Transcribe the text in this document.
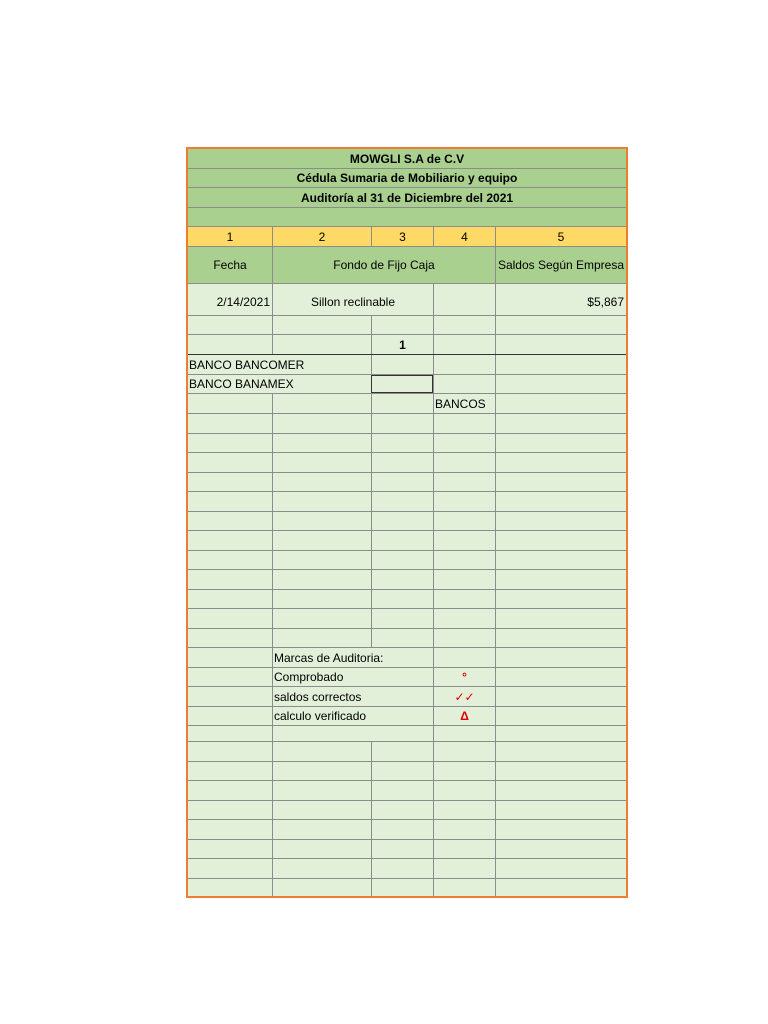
MOWGLI S.A de C.V
Cédula Sumaria de Mobiliario y equipo
Auditoría al 31 de Diciembre del 2021
1	2	3	4	5
Fecha	Fondo de Fijo Caja	Saldos Según Empresa
2/14/2021	Sillon reclinable	$5,867
1
BANCO BANCOMER
BANCO BANAMEX
BANCOS
Marcas de Auditoria:
Comprobado	°
saldos correctos	✓✓
calculo verificado	Δ
